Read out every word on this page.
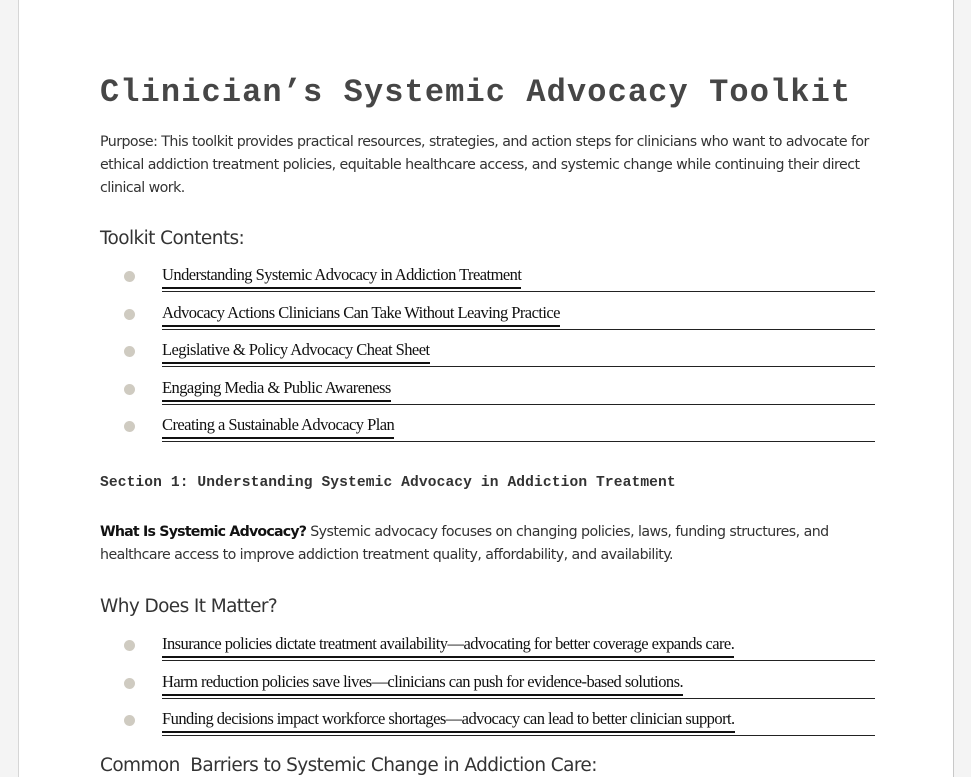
Clinician’s Systemic Advocacy Toolkit

Purpose: This toolkit provides practical resources, strategies, and action steps for clinicians who want to advocate for ethical addiction treatment policies, equitable healthcare access, and systemic change while continuing their direct clinical work.

Toolkit Contents:
Understanding Systemic Advocacy in Addiction Treatment
Advocacy Actions Clinicians Can Take Without Leaving Practice
Legislative & Policy Advocacy Cheat Sheet
Engaging Media & Public Awareness
Creating a Sustainable Advocacy Plan
Section 1: Understanding Systemic Advocacy in Addiction Treatment

What Is Systemic Advocacy? Systemic advocacy focuses on changing policies, laws, funding structures, and healthcare access to improve addiction treatment quality, affordability, and availability.

Why Does It Matter?
Insurance policies dictate treatment availability—advocating for better coverage expands care.
Harm reduction policies save lives—clinicians can push for evidence-based solutions.
Funding decisions impact workforce shortages—advocacy can lead to better clinician support.
Common  Barriers to Systemic Change in Addiction Care:
